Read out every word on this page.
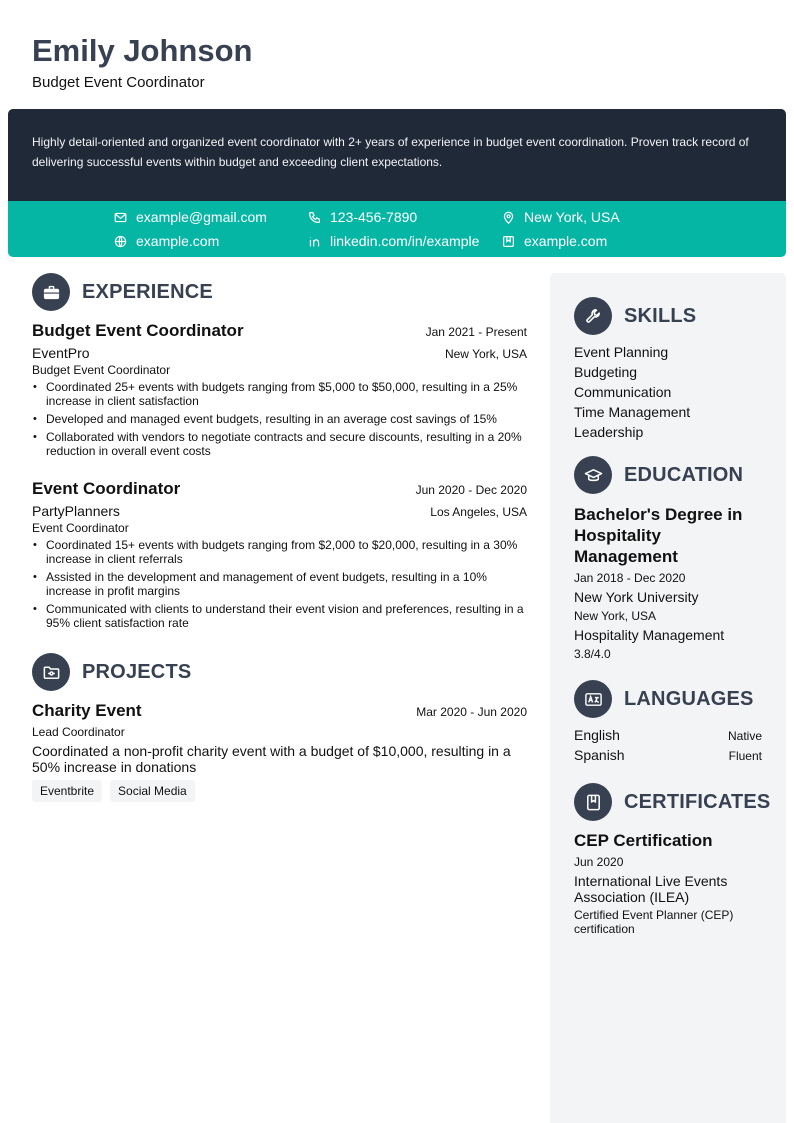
Emily Johnson
Budget Event Coordinator
Highly detail-oriented and organized event coordinator with 2+ years of experience in budget event coordination. Proven track record of delivering successful events within budget and exceeding client expectations.
example@gmail.com	123-456-7890	New York, USA
example.com	linkedin.com/in/example	example.com
EXPERIENCE
Budget Event Coordinator	Jan 2021 - Present
EventPro	New York, USA
Budget Event Coordinator
• Coordinated 25+ events with budgets ranging from $5,000 to $50,000, resulting in a 25% increase in client satisfaction
• Developed and managed event budgets, resulting in an average cost savings of 15%
• Collaborated with vendors to negotiate contracts and secure discounts, resulting in a 20% reduction in overall event costs
Event Coordinator	Jun 2020 - Dec 2020
PartyPlanners	Los Angeles, USA
Event Coordinator
• Coordinated 15+ events with budgets ranging from $2,000 to $20,000, resulting in a 30% increase in client referrals
• Assisted in the development and management of event budgets, resulting in a 10% increase in profit margins
• Communicated with clients to understand their event vision and preferences, resulting in a 95% client satisfaction rate
PROJECTS
Charity Event	Mar 2020 - Jun 2020
Lead Coordinator
Coordinated a non-profit charity event with a budget of $10,000, resulting in a 50% increase in donations
Eventbrite	Social Media
SKILLS
Event Planning
Budgeting
Communication
Time Management
Leadership
EDUCATION
Bachelor's Degree in Hospitality Management
Jan 2018 - Dec 2020
New York University
New York, USA
Hospitality Management
3.8/4.0
LANGUAGES
English	Native
Spanish	Fluent
CERTIFICATES
CEP Certification
Jun 2020
International Live Events Association (ILEA)
Certified Event Planner (CEP) certification
